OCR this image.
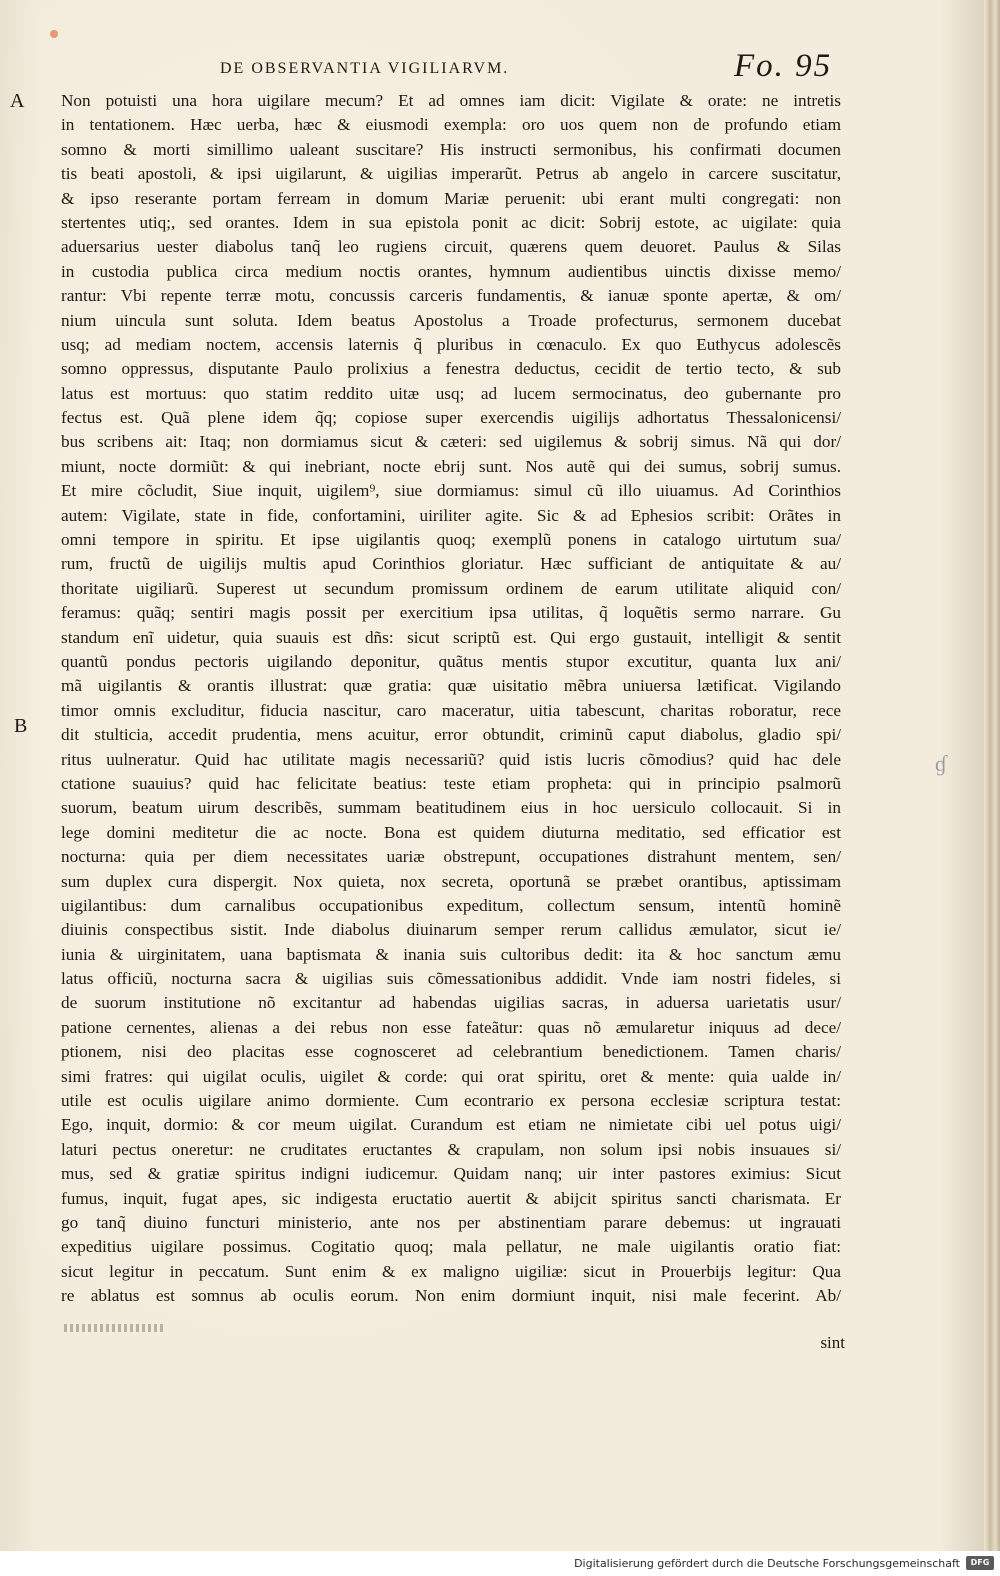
DE OBSERVANTIA VIGILIARVM.	Fo. 95
A
B
ɠ
Non potuisti una hora uigilare mecum? Et ad omnes iam dicit: Vigilate & orate: ne intretis
in tentationem. Hæc uerba, hæc & eiusmodi exempla: oro uos quem non de profundo etiam
somno & morti simillimo ualeant suscitare? His instructi sermonibus, his confirmati documen
tis beati apostoli, & ipsi uigilarunt, & uigilias imperarũt. Petrus ab angelo in carcere suscitatur,
& ipso reserante portam ferream in domum Mariæ peruenit: ubi erant multi congregati: non
stertentes utiq;, sed orantes. Idem in sua epistola ponit ac dicit: Sobrij estote, ac uigilate: quia
aduersarius uester diabolus tanq̃ leo rugiens circuit, quærens quem deuoret. Paulus & Silas
in custodia publica circa medium noctis orantes, hymnum audientibus uinctis dixisse memo/
rantur: Vbi repente terræ motu, concussis carceris fundamentis, & ianuæ sponte apertæ, & om/
nium uincula sunt soluta. Idem beatus Apostolus a Troade profecturus, sermonem ducebat
usq; ad mediam noctem, accensis laternis q̃ pluribus in cœnaculo. Ex quo Euthycus adolescẽs
somno oppressus, disputante Paulo prolixius a fenestra deductus, cecidit de tertio tecto, & sub
latus est mortuus: quo statim reddito uitæ usq; ad lucem sermocinatus, deo gubernante pro
fectus est. Quã plene idem q̃q; copiose super exercendis uigilijs adhortatus Thessalonicensi/
bus scribens ait: Itaq; non dormiamus sicut & cæteri: sed uigilemus & sobrij simus. Nã qui dor/
miunt, nocte dormiũt: & qui inebriant, nocte ebrij sunt. Nos autẽ qui dei sumus, sobrij sumus.
Et mire cõcludit, Siue inquit, uigilem⁹, siue dormiamus: simul cũ illo uiuamus. Ad Corinthios
autem: Vigilate, state in fide, confortamini, uiriliter agite. Sic & ad Ephesios scribit: Orãtes in
omni tempore in spiritu. Et ipse uigilantis quoq; exemplũ ponens in catalogo uirtutum sua/
rum, fructũ de uigilijs multis apud Corinthios gloriatur. Hæc sufficiant de antiquitate & au/
thoritate uigiliarũ. Superest ut secundum promissum ordinem de earum utilitate aliquid con/
feramus: quãq; sentiri magis possit per exercitium ipsa utilitas, q̃ loquẽtis sermo narrare. Gu
standum enĩ uidetur, quia suauis est dñs: sicut scriptũ est. Qui ergo gustauit, intelligit & sentit
quantũ pondus pectoris uigilando deponitur, quãtus mentis stupor excutitur, quanta lux ani/
mã uigilantis & orantis illustrat: quæ gratia: quæ uisitatio mẽbra uniuersa lætificat. Vigilando
timor omnis excluditur, fiducia nascitur, caro maceratur, uitia tabescunt, charitas roboratur, rece
dit stulticia, accedit prudentia, mens acuitur, error obtundit, criminũ caput diabolus, gladio spi/
ritus uulneratur. Quid hac utilitate magis necessariũ? quid istis lucris cõmodius? quid hac dele
ctatione suauius? quid hac felicitate beatius: teste etiam propheta: qui in principio psalmorũ
suorum, beatum uirum describẽs, summam beatitudinem eius in hoc uersiculo collocauit. Si in
lege domini meditetur die ac nocte. Bona est quidem diuturna meditatio, sed efficatior est
nocturna: quia per diem necessitates uariæ obstrepunt, occupationes distrahunt mentem, sen/
sum duplex cura dispergit. Nox quieta, nox secreta, oportunã se præbet orantibus, aptissimam
uigilantibus: dum carnalibus occupationibus expeditum, collectum sensum, intentũ hominẽ
diuinis conspectibus sistit. Inde diabolus diuinarum semper rerum callidus æmulator, sicut ie/
iunia & uirginitatem, uana baptismata & inania suis cultoribus dedit: ita & hoc sanctum æmu
latus officiũ, nocturna sacra & uigilias suis cõmessationibus addidit. Vnde iam nostri fideles, si
de suorum institutione nõ excitantur ad habendas uigilias sacras, in aduersa uarietatis usur/
patione cernentes, alienas a dei rebus non esse fateãtur: quas nõ æmularetur iniquus ad dece/
ptionem, nisi deo placitas esse cognosceret ad celebrantium benedictionem. Tamen charis/
simi fratres: qui uigilat oculis, uigilet & corde: qui orat spiritu, oret & mente: quia ualde in/
utile est oculis uigilare animo dormiente. Cum econtrario ex persona ecclesiæ scriptura testat:
Ego, inquit, dormio: & cor meum uigilat. Curandum est etiam ne nimietate cibi uel potus uigi/
laturi pectus oneretur: ne cruditates eructantes & crapulam, non solum ipsi nobis insuaues si/
mus, sed & gratiæ spiritus indigni iudicemur. Quidam nanq; uir inter pastores eximius: Sicut
fumus, inquit, fugat apes, sic indigesta eructatio auertit & abijcit spiritus sancti charismata. Er
go tanq̃ diuino functuri ministerio, ante nos per abstinentiam parare debemus: ut ingrauati
expeditius uigilare possimus. Cogitatio quoq; mala pellatur, ne male uigilantis oratio fiat:
sicut legitur in peccatum. Sunt enim & ex maligno uigiliæ: sicut in Prouerbijs legitur: Qua
re ablatus est somnus ab oculis eorum. Non enim dormiunt inquit, nisi male fecerint. Ab/
sint
Digitalisierung gefördert durch die Deutsche Forschungsgemeinschaft	DFG
